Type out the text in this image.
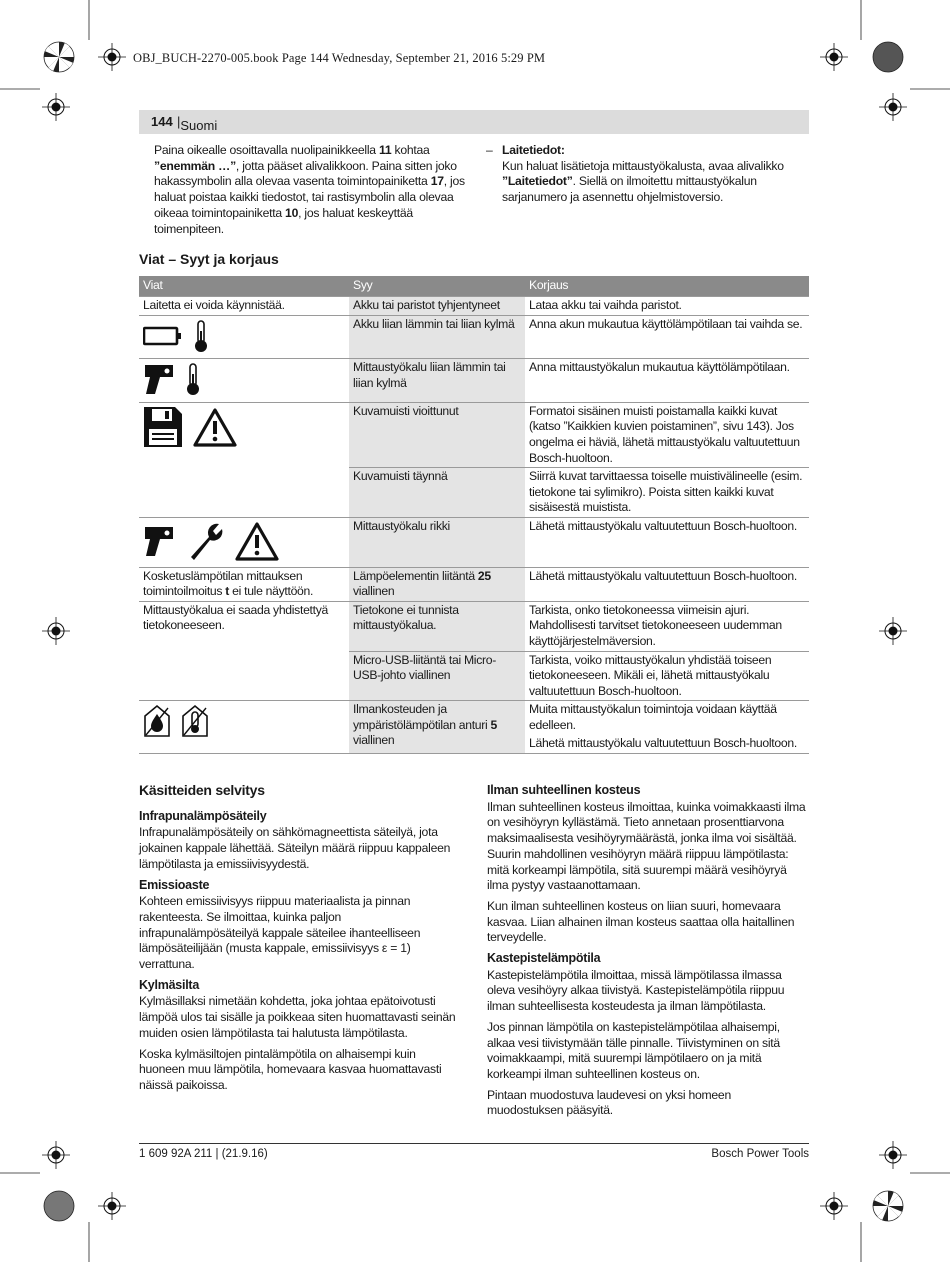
OBJ_BUCH-2270-005.book Page 144 Wednesday, September 21, 2016 5:29 PM
144 | Suomi

Paina oikealle osoittavalla nuolipainikkeella 11 kohtaa ”enemmän …”, jotta pääset alivalikkoon. Paina sitten joko hakassymbolin alla olevaa vasenta toimintopainiketta 17, jos haluat poistaa kaikki tiedostot, tai rastisymbolin alla olevaa oikeaa toimintopainiketta 10, jos haluat keskeyttää toimenpiteen.

– Laitetiedot:
Kun haluat lisätietoja mittaustyökalusta, avaa alivalikko ”Laitetiedot”. Siellä on ilmoitettu mittaustyökalun sarjanumero ja asennettu ohjelmistoversio.
Viat – Syyt ja korjaus
Viat	Syy	Korjaus
Laitetta ei voida käynnistää.	Akku tai paristot tyhjentyneet	Lataa akku tai vaihda paristot.

	Akku liian lämmin tai liian kylmä	Anna akun mukautua käyttölämpötilaan tai vaihda se.

	Mittaustyökalu liian lämmin tai liian kylmä	Anna mittaustyökalun mukautua käyttölämpötilaan.

	Kuvamuisti vioittunut	Formatoi sisäinen muisti poistamalla kaikki kuvat (katso ”Kaikkien kuvien poistaminen”, sivu 143). Jos ongelma ei häviä, lähetä mittaustyökalu valtuutettuun Bosch-huoltoon.

	Kuvamuisti täynnä	Siirrä kuvat tarvittaessa toiselle muistivälineelle (esim. tietokone tai sylimikro). Poista sitten kaikki kuvat sisäisestä muistista.

	Mittaustyökalu rikki	Lähetä mittaustyökalu valtuutettuun Bosch-huoltoon.

Kosketuslämpötilan mittauksen toimintoilmoitus t ei tule näyttöön.	Lämpöelementin liitäntä 25 viallinen	Lähetä mittaustyökalu valtuutettuun Bosch-huoltoon.

Mittaustyökalua ei saada yhdistettyä tietokoneeseen.	Tietokone ei tunnista mittaustyökalua.	Tarkista, onko tietokoneessa viimeisin ajuri. Mahdollisesti tarvitset tietokoneeseen uudemman käyttöjärjestelmäversion.

	Micro-USB-liitäntä tai Micro-USB-johto viallinen	Tarkista, voiko mittaustyökalun yhdistää toiseen tietokoneeseen. Mikäli ei, lähetä mittaustyökalu valtuutettuun Bosch-huoltoon.

	Ilmankosteuden ja ympäristölämpötilan anturi 5 viallinen	Muita mittaustyökalun toimintoja voidaan käyttää edelleen.
Lähetä mittaustyökalu valtuutettuun Bosch-huoltoon.
Käsitteiden selvitys
Infrapunalämpösäteily

Infrapunalämpösäteily on sähkömagneettista säteilyä, jota jokainen kappale lähettää. Säteilyn määrä riippuu kappaleen lämpötilasta ja emissiivisyydestä.

Emissioaste

Kohteen emissiivisyys riippuu materiaalista ja pinnan rakenteesta. Se ilmoittaa, kuinka paljon infrapunalämpösäteilyä kappale säteilee ihanteelliseen lämpösäteilijään (musta kappale, emissiivisyys ε = 1) verrattuna.

Kylmäsilta

Kylmäsillaksi nimetään kohdetta, joka johtaa epätoivotusti lämpöä ulos tai sisälle ja poikkeaa siten huomattavasti seinän muiden osien lämpötilasta tai halutusta lämpötilasta.

Koska kylmäsiltojen pintalämpötila on alhaisempi kuin huoneen muu lämpötila, homevaara kasvaa huomattavasti näissä paikoissa.

Ilman suhteellinen kosteus

Ilman suhteellinen kosteus ilmoittaa, kuinka voimakkaasti ilma on vesihöyryn kyllästämä. Tieto annetaan prosenttiarvona maksimaalisesta vesihöyrymäärästä, jonka ilma voi sisältää. Suurin mahdollinen vesihöyryn määrä riippuu lämpötilasta: mitä korkeampi lämpötila, sitä suurempi määrä vesihöyryä ilma pystyy vastaanottamaan.

Kun ilman suhteellinen kosteus on liian suuri, homevaara kasvaa. Liian alhainen ilman kosteus saattaa olla haitallinen terveydelle.

Kastepistelämpötila

Kastepistelämpötila ilmoittaa, missä lämpötilassa ilmassa oleva vesihöyry alkaa tiivistyä. Kastepistelämpötila riippuu ilman suhteellisesta kosteudesta ja ilman lämpötilasta.

Jos pinnan lämpötila on kastepistelämpötilaa alhaisempi, alkaa vesi tiivistymään tälle pinnalle. Tiivistyminen on sitä voimakkaampi, mitä suurempi lämpötilaero on ja mitä korkeampi ilman suhteellinen kosteus on.

Pintaan muodostuva laudevesi on yksi homeen muodostuksen pääsyitä.

1 609 92A 211 | (21.9.16)	Bosch Power Tools
